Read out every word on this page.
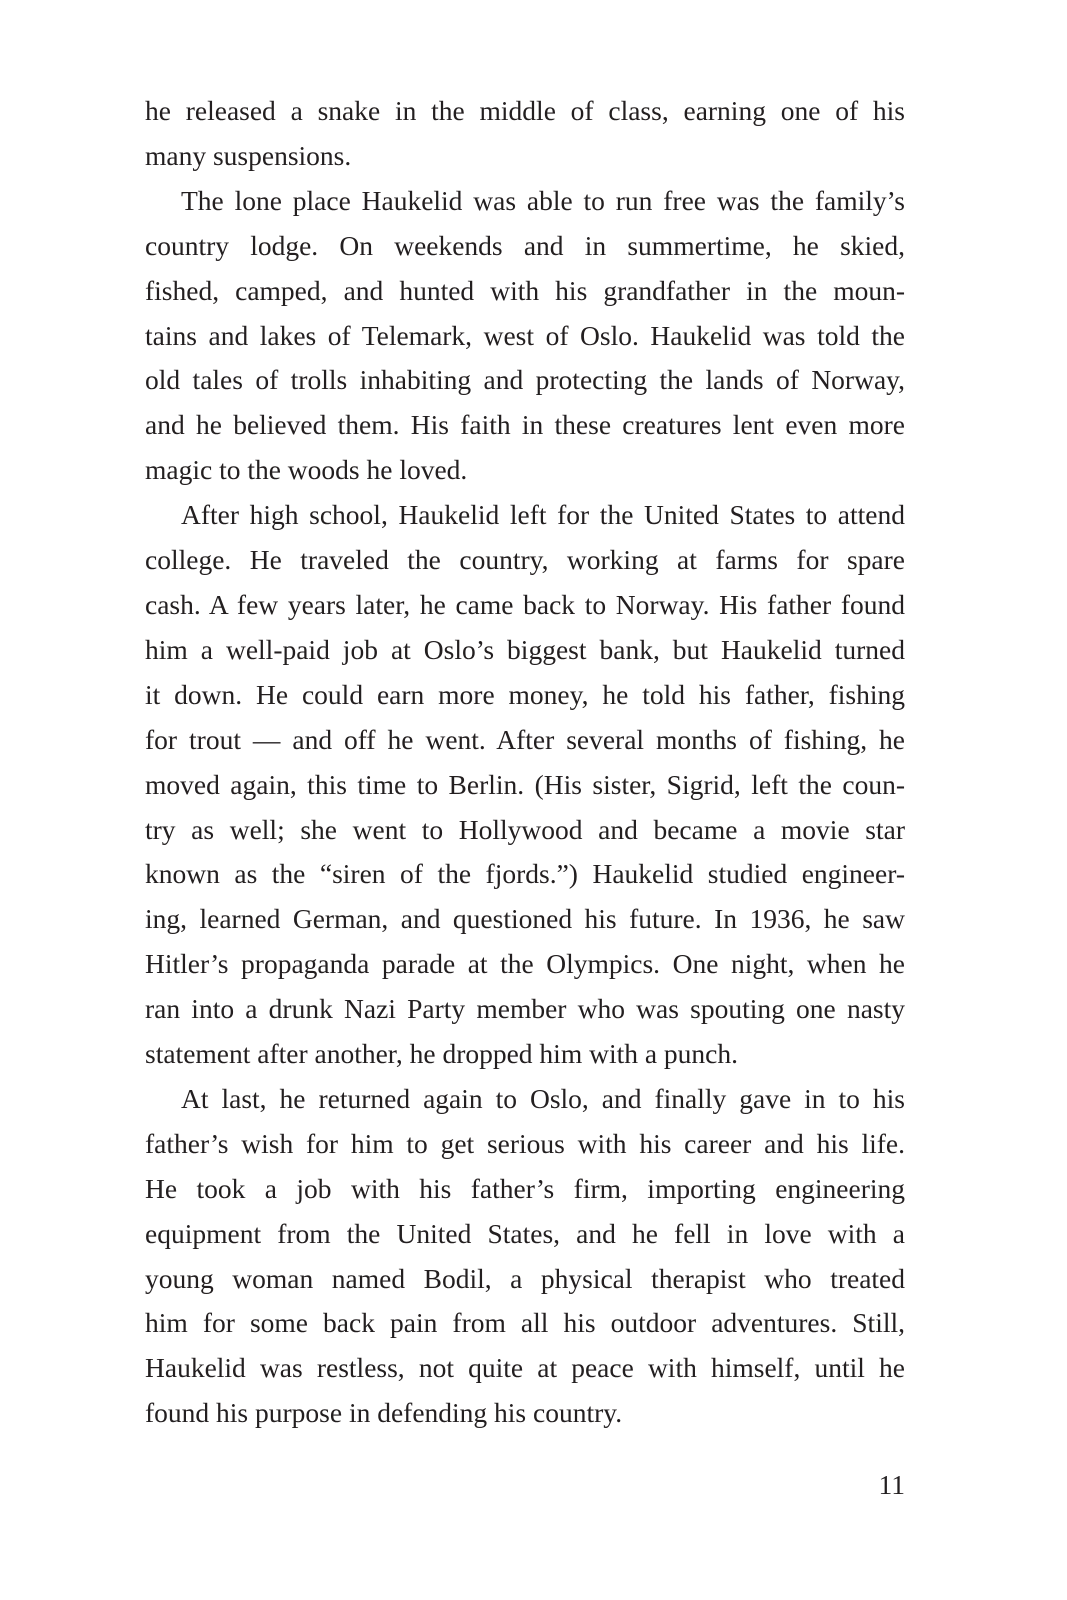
he released a snake in the middle of class, earning one of his
many suspensions.
The lone place Haukelid was able to run free was the family’s
country lodge. On weekends and in summertime, he skied,
fished, camped, and hunted with his grandfather in the moun-
tains and lakes of Telemark, west of Oslo. Haukelid was told the
old tales of trolls inhabiting and protecting the lands of Norway,
and he believed them. His faith in these creatures lent even more
magic to the woods he loved.
After high school, Haukelid left for the United States to attend
college. He traveled the country, working at farms for spare
cash. A few years later, he came back to Norway. His father found
him a well-paid job at Oslo’s biggest bank, but Haukelid turned
it down. He could earn more money, he told his father, fishing
for trout — and off he went. After several months of fishing, he
moved again, this time to Berlin. (His sister, Sigrid, left the coun-
try as well; she went to Hollywood and became a movie star
known as the “siren of the fjords.”) Haukelid studied engineer-
ing, learned German, and questioned his future. In 1936, he saw
Hitler’s propaganda parade at the Olympics. One night, when he
ran into a drunk Nazi Party member who was spouting one nasty
statement after another, he dropped him with a punch.
At last, he returned again to Oslo, and finally gave in to his
father’s wish for him to get serious with his career and his life.
He took a job with his father’s firm, importing engineering
equipment from the United States, and he fell in love with a
young woman named Bodil, a physical therapist who treated
him for some back pain from all his outdoor adventures. Still,
Haukelid was restless, not quite at peace with himself, until he
found his purpose in defending his country.
11
